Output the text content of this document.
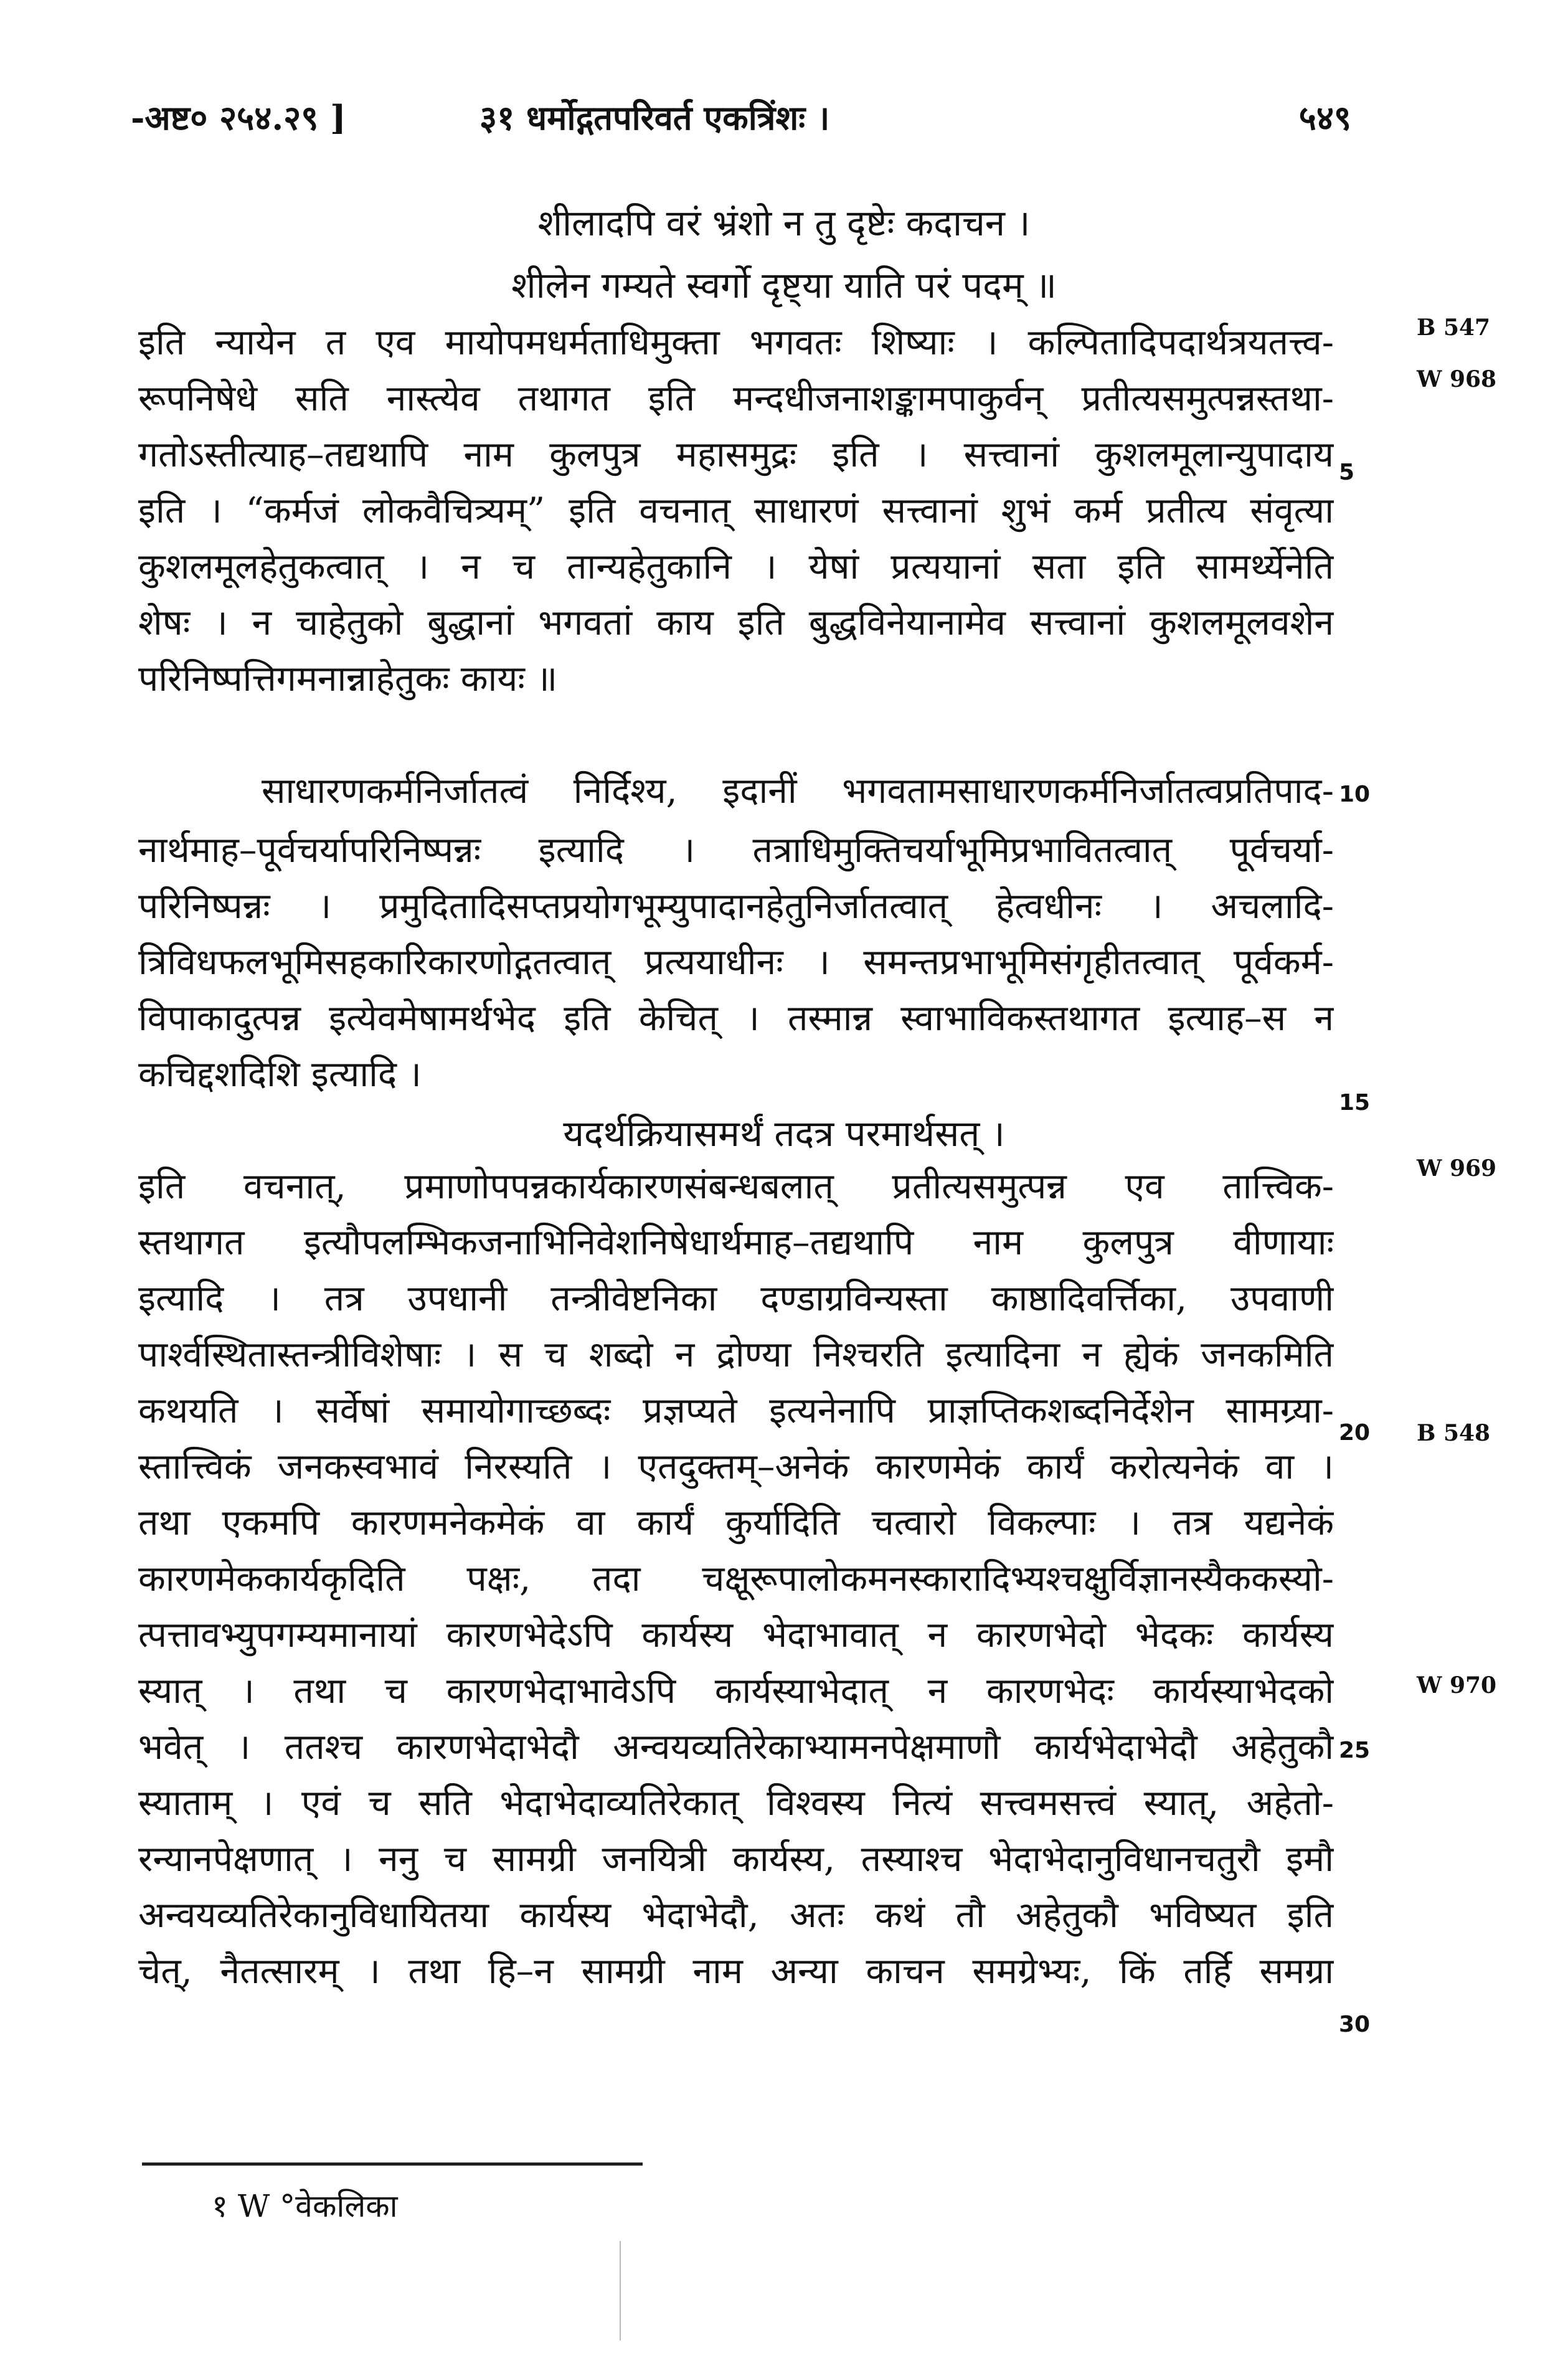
-अष्ट० २५४.२९ ]	३१ धर्मोद्गतपरिवर्त एकत्रिंशः ।	५४९
शीलादपि वरं भ्रंशो न तु दृष्टेः कदाचन ।
शीलेन गम्यते स्वर्गो दृष्ट्या याति परं पदम् ॥
इति न्यायेन त एव मायोपमधर्मताधिमुक्ता भगवतः शिष्याः । कल्पितादिपदार्थत्रयतत्त्व-
रूपनिषेधे सति नास्त्येव तथागत इति मन्दधीजनाशङ्कामपाकुर्वन् प्रतीत्यसमुत्पन्नस्तथा-
गतोऽस्तीत्याह–तद्यथापि नाम कुलपुत्र महासमुद्रः इति । सत्त्वानां कुशलमूलान्युपादाय
इति । “कर्मजं लोकवैचित्र्यम्” इति वचनात् साधारणं सत्त्वानां शुभं कर्म प्रतीत्य संवृत्या
कुशलमूलहेतुकत्वात् । न च तान्यहेतुकानि । येषां प्रत्ययानां सता इति सामर्थ्येनेति
शेषः । न चाहेतुको बुद्धानां भगवतां काय इति बुद्धविनेयानामेव सत्त्वानां कुशलमूलवशेन
परिनिष्पत्तिगमनान्नाहेतुकः कायः ॥
साधारणकर्मनिर्जातत्वं निर्दिश्य, इदानीं भगवतामसाधारणकर्मनिर्जातत्वप्रतिपाद-
नार्थमाह–पूर्वचर्यापरिनिष्पन्नः इत्यादि । तत्राधिमुक्तिचर्याभूमिप्रभावितत्वात् पूर्वचर्या-
परिनिष्पन्नः । प्रमुदितादिसप्तप्रयोगभूम्युपादानहेतुनिर्जातत्वात् हेत्वधीनः । अचलादि-
त्रिविधफलभूमिसहकारिकारणोद्गतत्वात् प्रत्ययाधीनः । समन्तप्रभाभूमिसंगृहीतत्वात् पूर्वकर्म-
विपाकादुत्पन्न इत्येवमेषामर्थभेद इति केचित् । तस्मान्न स्वाभाविकस्तथागत इत्याह–स न
कचिद्दशदिशि इत्यादि ।
यदर्थक्रियासमर्थं तदत्र परमार्थसत् ।
इति वचनात्, प्रमाणोपपन्नकार्यकारणसंबन्धबलात् प्रतीत्यसमुत्पन्न एव तात्त्विक-
स्तथागत इत्यौपलम्भिकजनाभिनिवेशनिषेधार्थमाह–तद्यथापि नाम कुलपुत्र वीणायाः
इत्यादि । तत्र उपधानी तन्त्रीवेष्टनिका दण्डाग्रविन्यस्ता काष्ठादिवर्त्तिका, उपवाणी
पार्श्वस्थितास्तन्त्रीविशेषाः । स च शब्दो न द्रोण्या निश्चरति इत्यादिना न ह्येकं जनकमिति
कथयति । सर्वेषां समायोगाच्छब्दः प्रज्ञप्यते इत्यनेनापि प्राज्ञप्तिकशब्दनिर्देशेन सामग्र्या-
स्तात्त्विकं जनकस्वभावं निरस्यति । एतदुक्तम्–अनेकं कारणमेकं कार्यं करोत्यनेकं वा ।
तथा एकमपि कारणमनेकमेकं वा कार्यं कुर्यादिति चत्वारो विकल्पाः । तत्र यद्यनेकं
कारणमेककार्यकृदिति पक्षः, तदा चक्षूरूपालोकमनस्कारादिभ्यश्चक्षुर्विज्ञानस्यैककस्यो-
त्पत्तावभ्युपगम्यमानायां कारणभेदेऽपि कार्यस्य भेदाभावात् न कारणभेदो भेदकः कार्यस्य
स्यात् । तथा च कारणभेदाभावेऽपि कार्यस्याभेदात् न कारणभेदः कार्यस्याभेदको
भवेत् । ततश्च कारणभेदाभेदौ अन्वयव्यतिरेकाभ्यामनपेक्षमाणौ कार्यभेदाभेदौ अहेतुकौ
स्याताम् । एवं च सति भेदाभेदाव्यतिरेकात् विश्वस्य नित्यं सत्त्वमसत्त्वं स्यात्, अहेतो-
रन्यानपेक्षणात् । ननु च सामग्री जनयित्री कार्यस्य, तस्याश्च भेदाभेदानुविधानचतुरौ इमौ
अन्वयव्यतिरेकानुविधायितया कार्यस्य भेदाभेदौ, अतः कथं तौ अहेतुकौ भविष्यत इति
चेत्, नैतत्सारम् । तथा हि–न सामग्री नाम अन्या काचन समग्रेभ्यः, किं तर्हि समग्रा
5
10
15
20
25
30
B 547
W 968
W 969
B 548
W 970
१ W °वेकलिका
